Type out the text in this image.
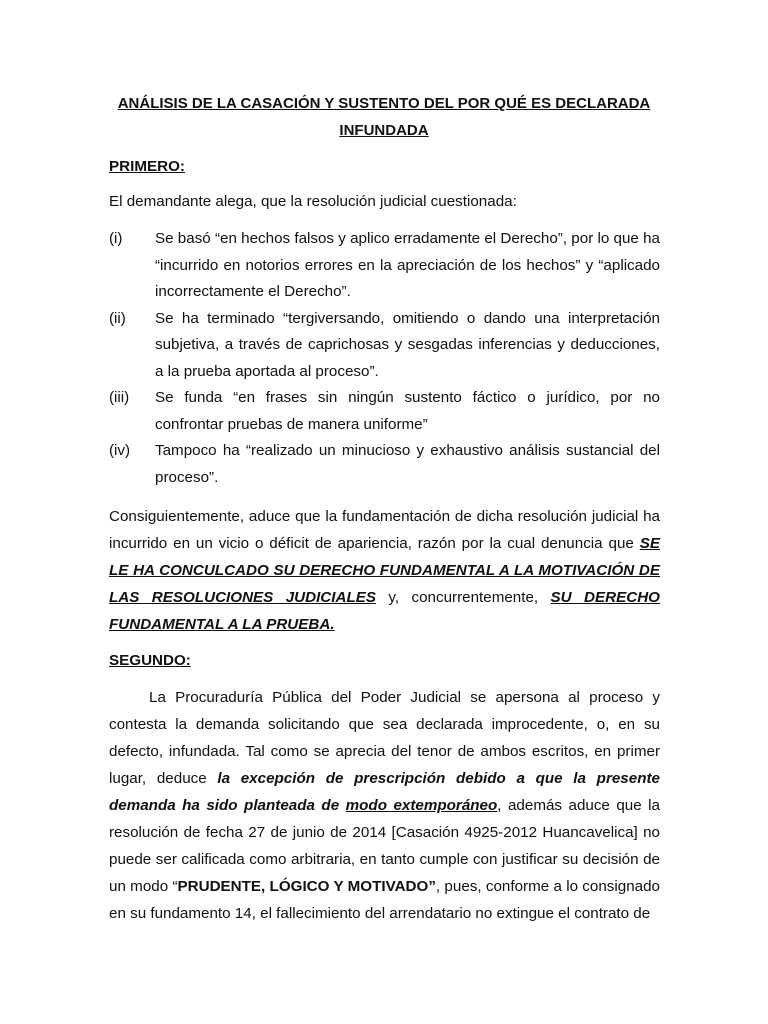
ANÁLISIS DE LA CASACIÓN Y SUSTENTO DEL POR QUÉ ES DECLARADA INFUNDADA
PRIMERO:
El demandante alega, que la resolución judicial cuestionada:
(i) Se basó “en hechos falsos y aplico erradamente el Derecho”, por lo que ha “incurrido en notorios errores en la apreciación de los hechos” y “aplicado incorrectamente el Derecho”.
(ii) Se ha terminado “tergiversando, omitiendo o dando una interpretación subjetiva, a través de caprichosas y sesgadas inferencias y deducciones, a la prueba aportada al proceso”.
(iii) Se funda “en frases sin ningún sustento fáctico o jurídico, por no confrontar pruebas de manera uniforme”
(iv) Tampoco ha “realizado un minucioso y exhaustivo análisis sustancial del proceso”.
Consiguientemente, aduce que la fundamentación de dicha resolución judicial ha incurrido en un vicio o déficit de apariencia, razón por la cual denuncia que SE LE HA CONCULCADO SU DERECHO FUNDAMENTAL A LA MOTIVACIÓN DE LAS RESOLUCIONES JUDICIALES y, concurrentemente, SU DERECHO FUNDAMENTAL A LA PRUEBA.
SEGUNDO:
La Procuraduría Pública del Poder Judicial se apersona al proceso y contesta la demanda solicitando que sea declarada improcedente, o, en su defecto, infundada. Tal como se aprecia del tenor de ambos escritos, en primer lugar, deduce la excepción de prescripción debido a que la presente demanda ha sido planteada de modo extemporáneo, además aduce que la resolución de fecha 27 de junio de 2014 [Casación 4925-2012 Huancavelica] no puede ser calificada como arbitraria, en tanto cumple con justificar su decisión de un modo “PRUDENTE, LÓGICO Y MOTIVADO”, pues, conforme a lo consignado en su fundamento 14, el fallecimiento del arrendatario no extingue el contrato de
